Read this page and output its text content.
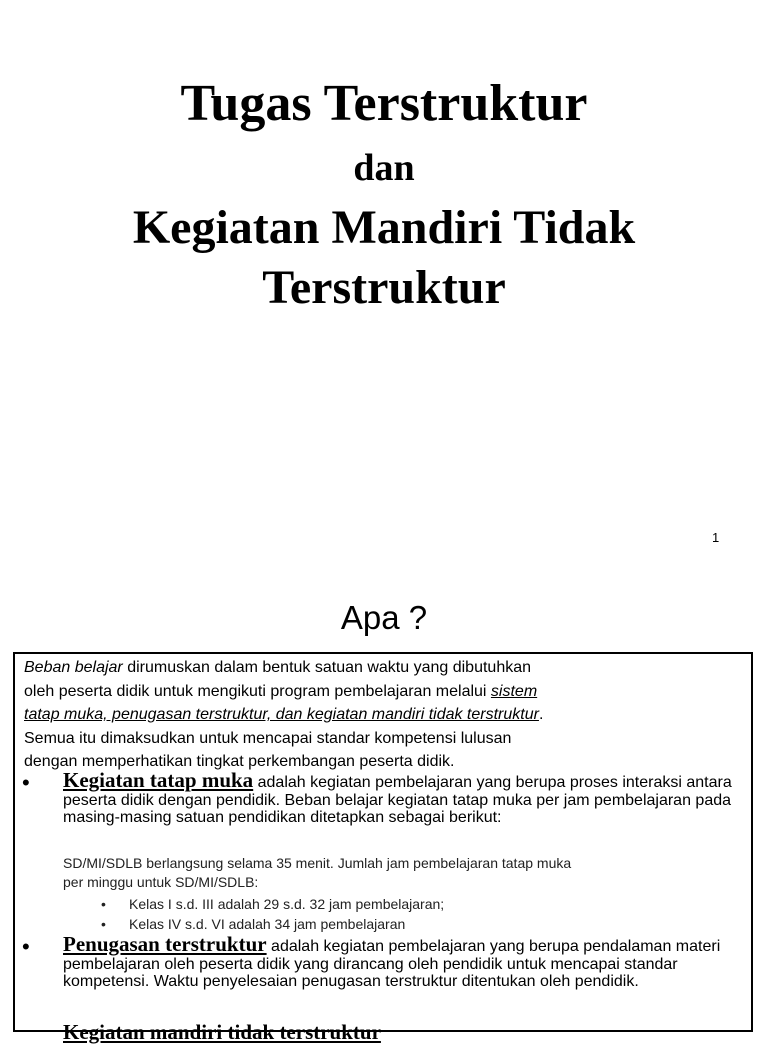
Tugas Terstruktur
dan
Kegiatan Mandiri Tidak
Terstruktur
1
Apa ?
Beban belajar dirumuskan dalam bentuk satuan waktu yang dibutuhkan
oleh peserta didik untuk mengikuti program pembelajaran melalui sistem
tatap muka, penugasan terstruktur, dan kegiatan mandiri tidak terstruktur.
Semua itu dimaksudkan untuk mencapai standar kompetensi lulusan
dengan memperhatikan tingkat perkembangan peserta didik.
• Kegiatan tatap muka adalah kegiatan pembelajaran yang berupa proses interaksi antara peserta didik dengan pendidik. Beban belajar kegiatan tatap muka per jam pembelajaran pada masing-masing satuan pendidikan ditetapkan sebagai berikut:
SD/MI/SDLB berlangsung selama 35 menit. Jumlah jam pembelajaran tatap muka
per minggu untuk SD/MI/SDLB:
• Kelas I s.d. III adalah 29 s.d. 32 jam pembelajaran;
• Kelas IV s.d. VI adalah 34 jam pembelajaran
• Penugasan terstruktur adalah kegiatan pembelajaran yang berupa pendalaman materi pembelajaran oleh peserta didik yang dirancang oleh pendidik untuk mencapai standar kompetensi. Waktu penyelesaian penugasan terstruktur ditentukan oleh pendidik.
Kegiatan mandiri tidak terstruktur
